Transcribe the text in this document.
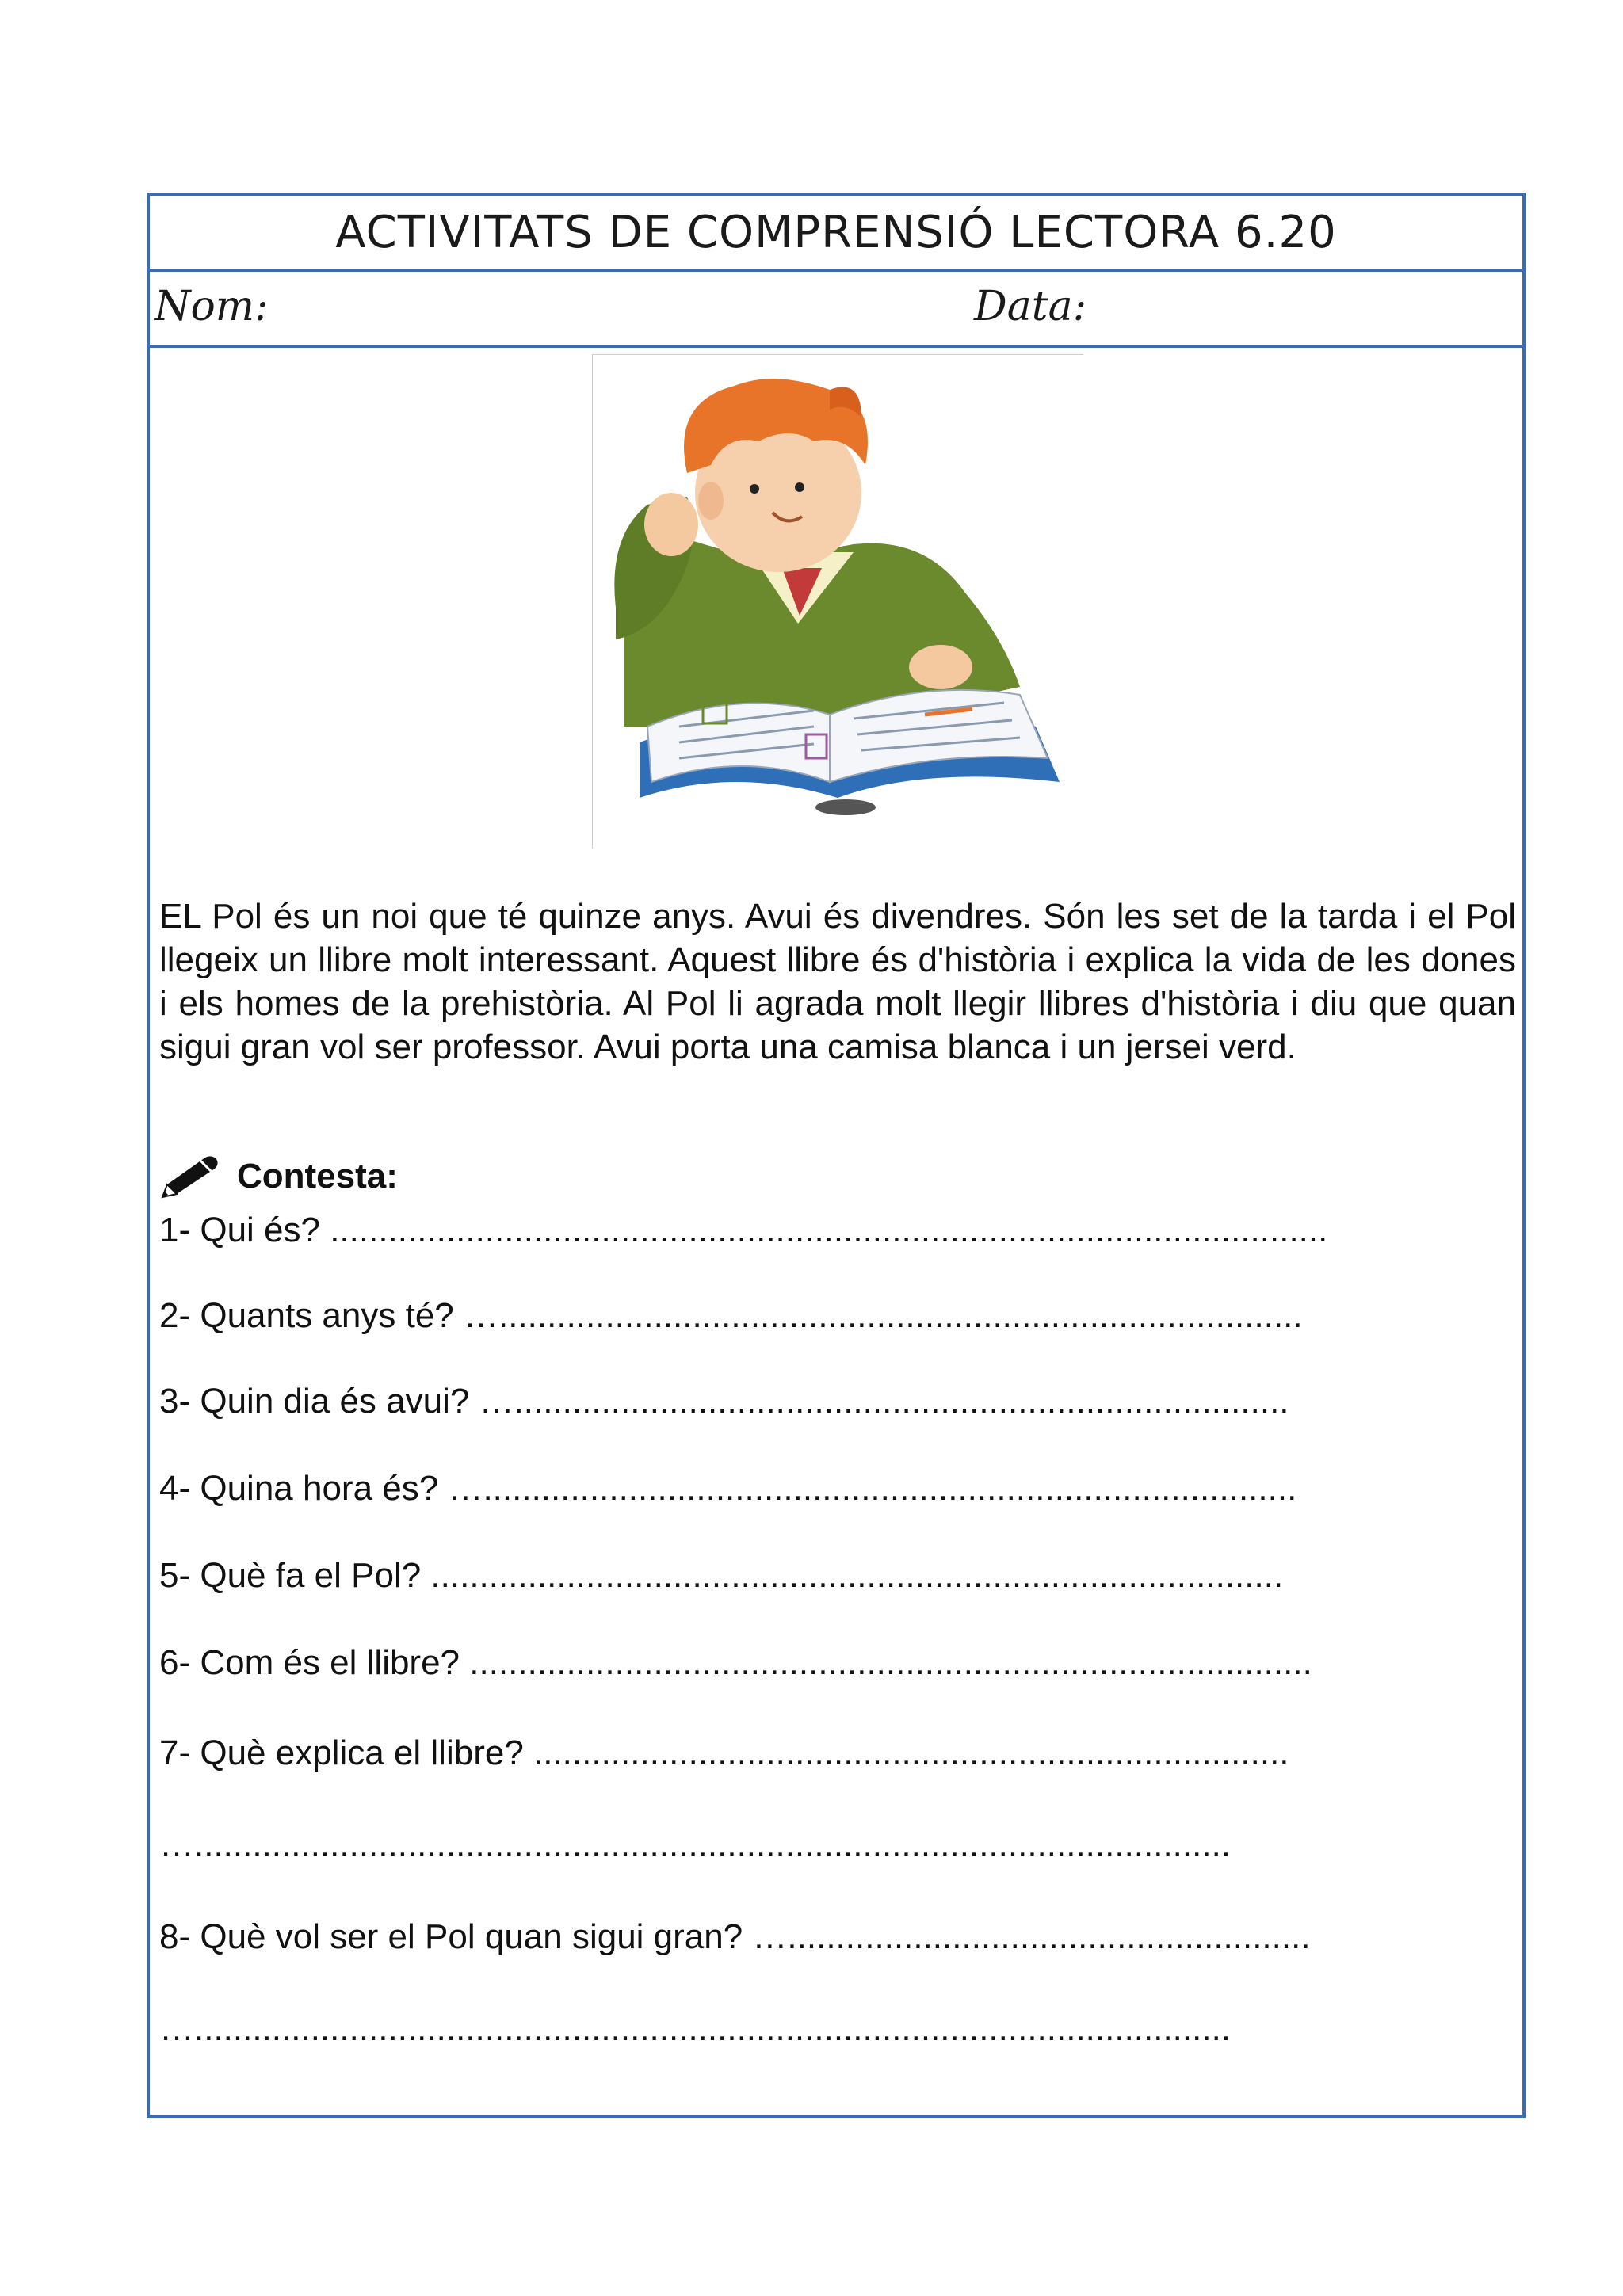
ACTIVITATS DE COMPRENSIÓ LECTORA 6.20
Nom:	Data:
EL Pol és un noi que té quinze anys. Avui és divendres. Són les set de la tarda i el Pol llegeix un llibre molt interessant. Aquest llibre és d'història i explica la vida de les dones i els homes de la prehistòria. Al Pol li agrada molt llegir llibres d'història i diu que quan sigui gran vol ser professor. Avui porta una camisa blanca i un jersei verd.
Contesta:
1- Qui és? .......................................................................................................
2- Quants anys té? …...................................................................................
3- Quin dia és avui? …................................................................................
4- Quina hora és? …....................................................................................
5- Què fa el Pol? ........................................................................................
6- Com és el llibre? .......................................................................................
7- Què explica el llibre? ..............................................................................
…...........................................................................................................
8- Què vol ser el Pol quan sigui gran? …......................................................
…...........................................................................................................
